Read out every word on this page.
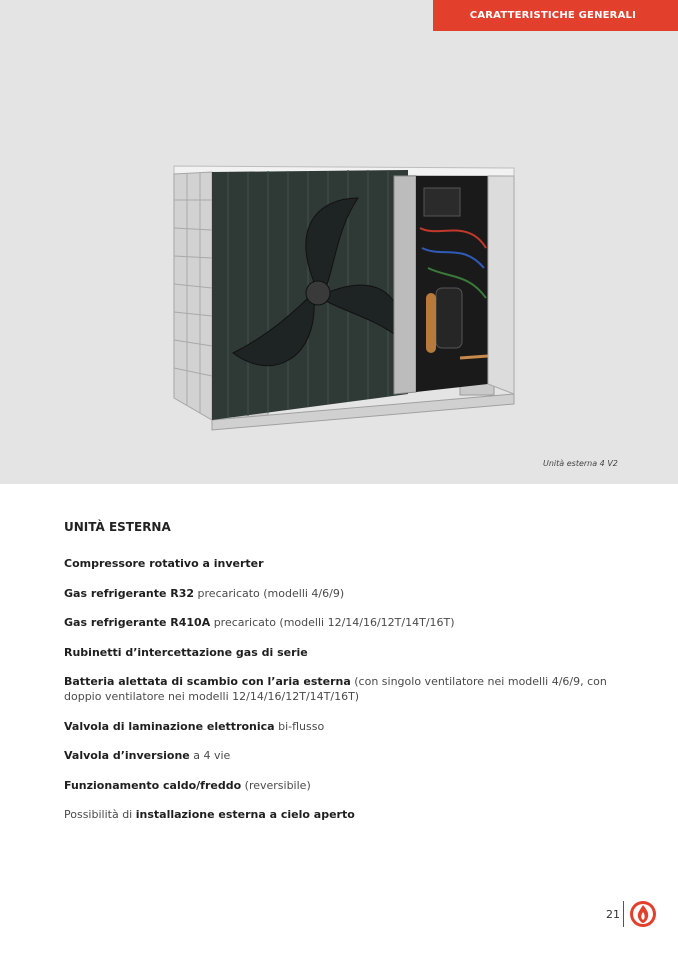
CARATTERISTICHE GENERALI
Unità esterna 4 V2
UNITÀ ESTERNA
Compressore rotativo a inverter
Gas refrigerante R32 precaricato (modelli 4/6/9)
Gas refrigerante R410A precaricato (modelli 12/14/16/12T/14T/16T)
Rubinetti d’intercettazione gas di serie
Batteria alettata di scambio con l’aria esterna (con singolo ventilatore nei modelli 4/6/9, con doppio ventilatore nei modelli 12/14/16/12T/14T/16T)
Valvola di laminazione elettronica bi-flusso
Valvola d’inversione a 4 vie
Funzionamento caldo/freddo (reversibile)
Possibilità di installazione esterna a cielo aperto
21
